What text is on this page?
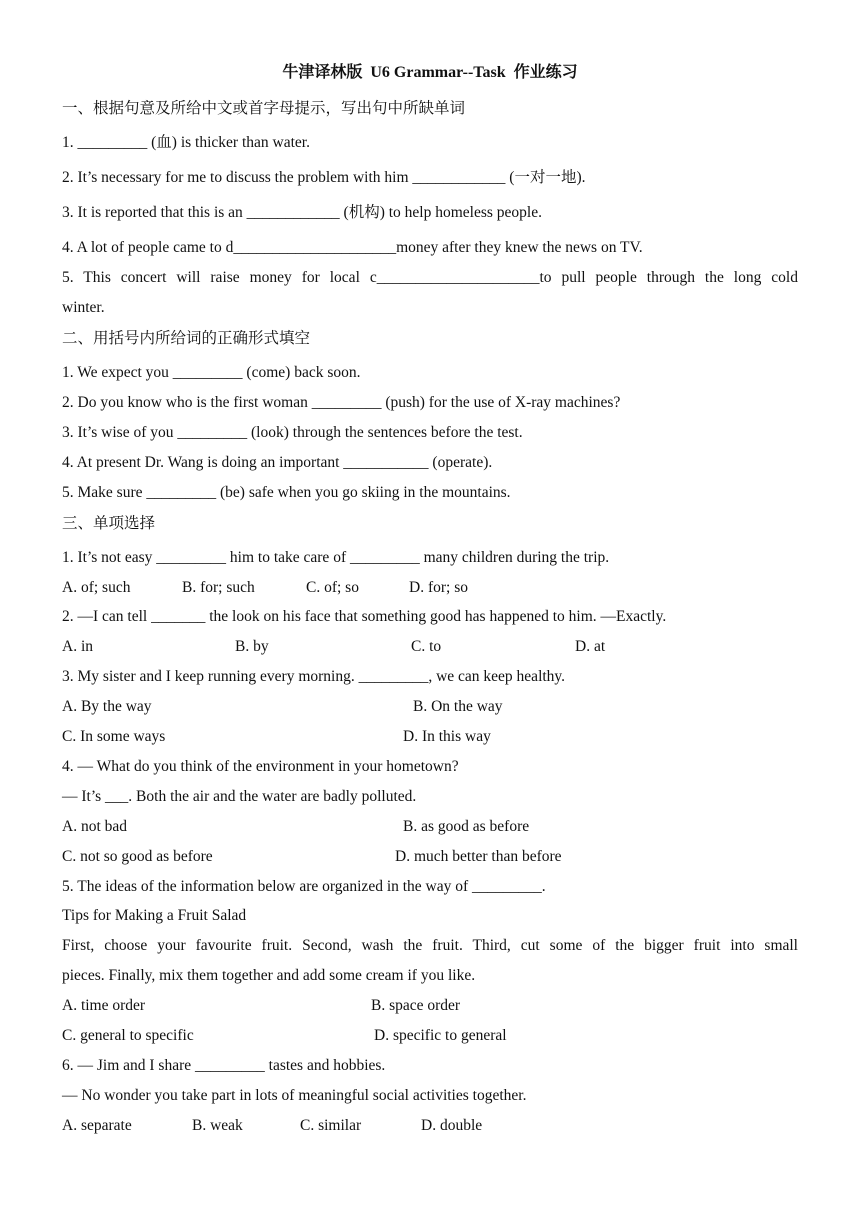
牛津译林版  U6 Grammar--Task  作业练习
一、根据句意及所给中文或首字母提示，写出句中所缺单词
1. _________ (血) is thicker than water.
2. It’s necessary for me to discuss the problem with him ____________ (一对一地).
3. It is reported that this is an ____________ (机构) to help homeless people.
4. A lot of people came to d_____________________money after they knew the news on TV.
5. This concert will raise money for local c_____________________to pull people through the long cold
winter.
二、用括号内所给词的正确形式填空
1. We expect you _________ (come) back soon.
2. Do you know who is the first woman _________ (push) for the use of X-ray machines?
3. It’s wise of you _________ (look) through the sentences before the test.
4. At present Dr. Wang is doing an important ___________ (operate).
5. Make sure _________ (be) safe when you go skiing in the mountains.
三、单项选择
1. It’s not easy _________ him to take care of _________ many children during the trip.
A. of; such	B. for; such	C. of; so	D. for; so
2. —I can tell _______ the look on his face that something good has happened to him. —Exactly.
A. in	B. by	C. to	D. at
3. My sister and I keep running every morning. _________, we can keep healthy.
A. By the way	B. On the way
C. In some ways	D. In this way
4. — What do you think of the environment in your hometown?
— It’s ___. Both the air and the water are badly polluted.
A. not bad	B. as good as before
C. not so good as before	D. much better than before
5. The ideas of the information below are organized in the way of _________.
Tips for Making a Fruit Salad
First, choose your favourite fruit. Second, wash the fruit. Third, cut some of the bigger fruit into small
pieces. Finally, mix them together and add some cream if you like.
A. time order	B. space order
C. general to specific	D. specific to general
6. — Jim and I share _________ tastes and hobbies.
— No wonder you take part in lots of meaningful social activities together.
A. separate	B. weak	C. similar	D. double
